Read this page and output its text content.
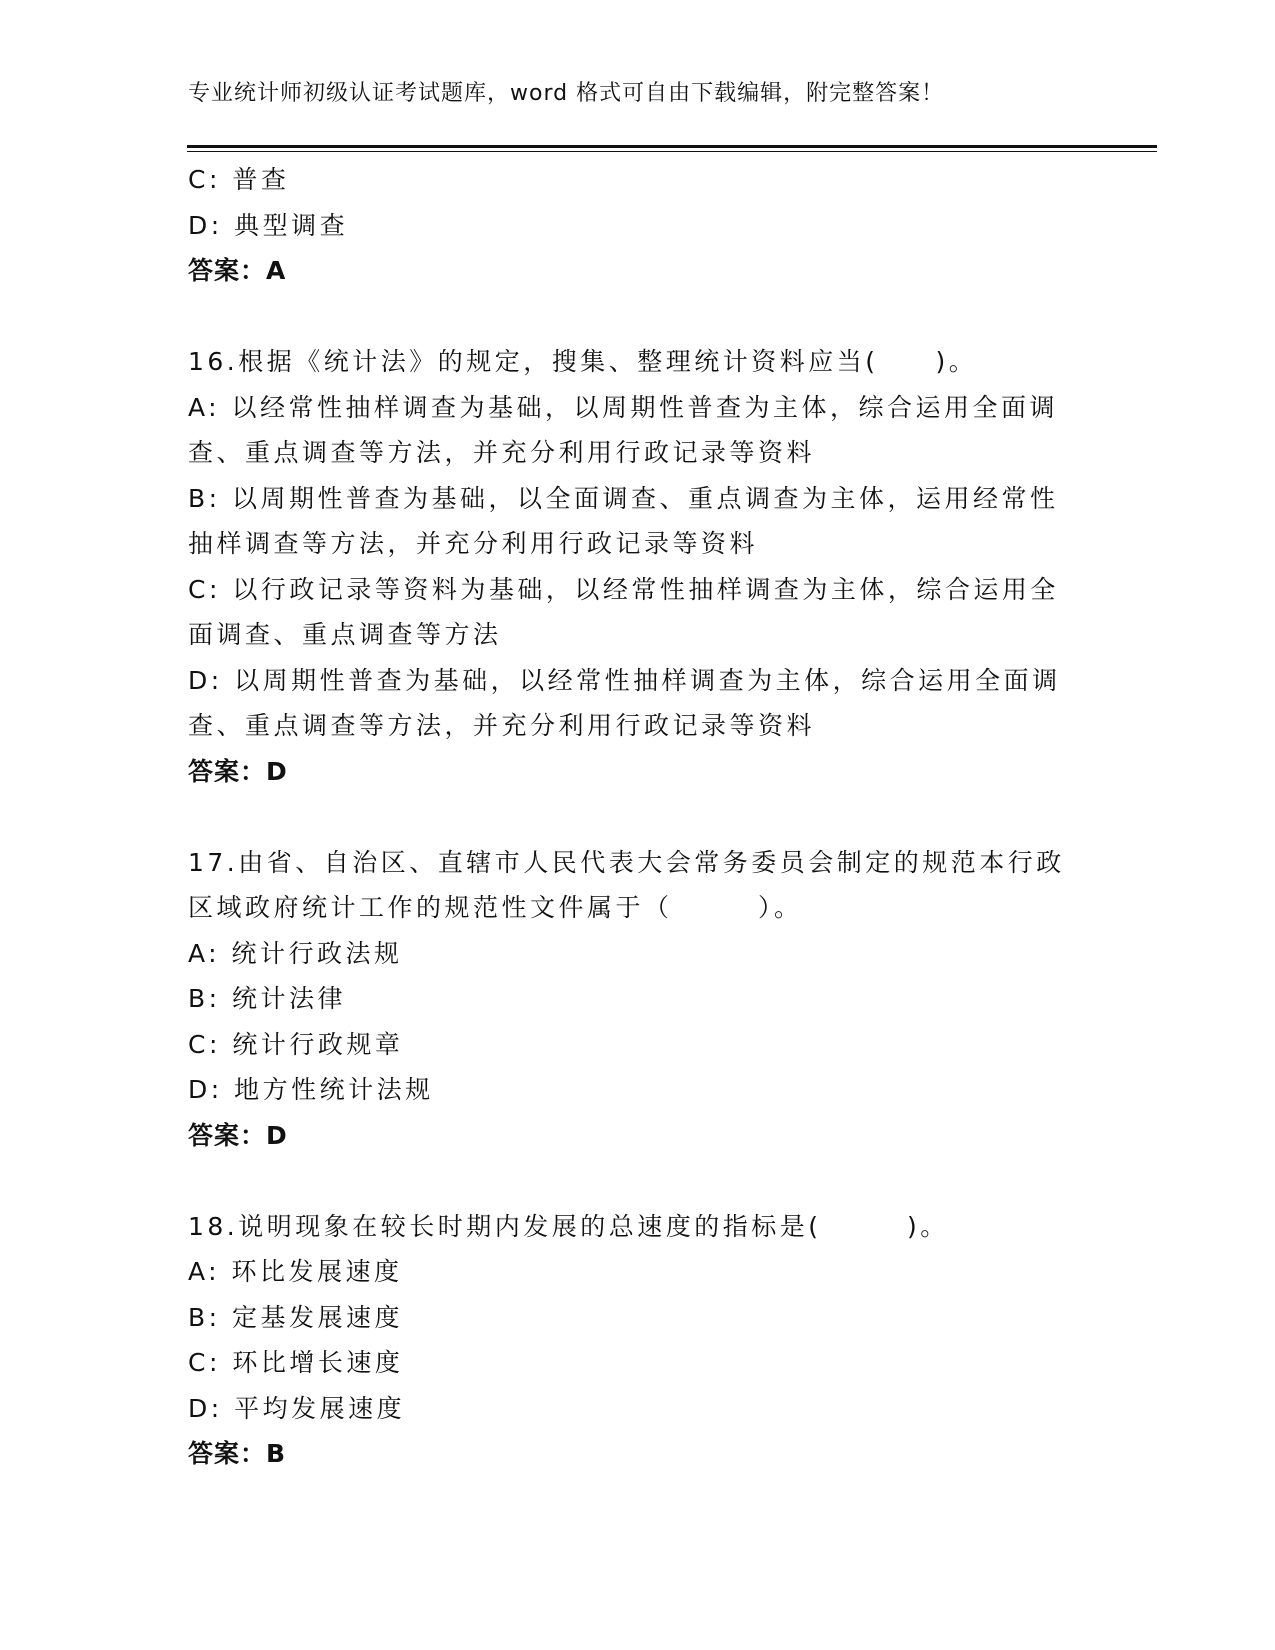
专业统计师初级认证考试题库，word 格式可自由下载编辑，附完整答案！
C: 普查
D: 典型调查
答案：A
16.根据《统计法》的规定，搜集、整理统计资料应当(　　)。
A: 以经常性抽样调查为基础，以周期性普查为主体，综合运用全面调
查、重点调查等方法，并充分利用行政记录等资料
B: 以周期性普查为基础，以全面调查、重点调查为主体，运用经常性
抽样调查等方法，并充分利用行政记录等资料
C: 以行政记录等资料为基础，以经常性抽样调查为主体，综合运用全
面调查、重点调查等方法
D: 以周期性普查为基础，以经常性抽样调查为主体，综合运用全面调
查、重点调查等方法，并充分利用行政记录等资料
答案：D
17.由省、自治区、直辖市人民代表大会常务委员会制定的规范本行政
区域政府统计工作的规范性文件属于（　　　）。
A: 统计行政法规
B: 统计法律
C: 统计行政规章
D: 地方性统计法规
答案：D
18.说明现象在较长时期内发展的总速度的指标是(　　　)。
A: 环比发展速度
B: 定基发展速度
C: 环比增长速度
D: 平均发展速度
答案：B
